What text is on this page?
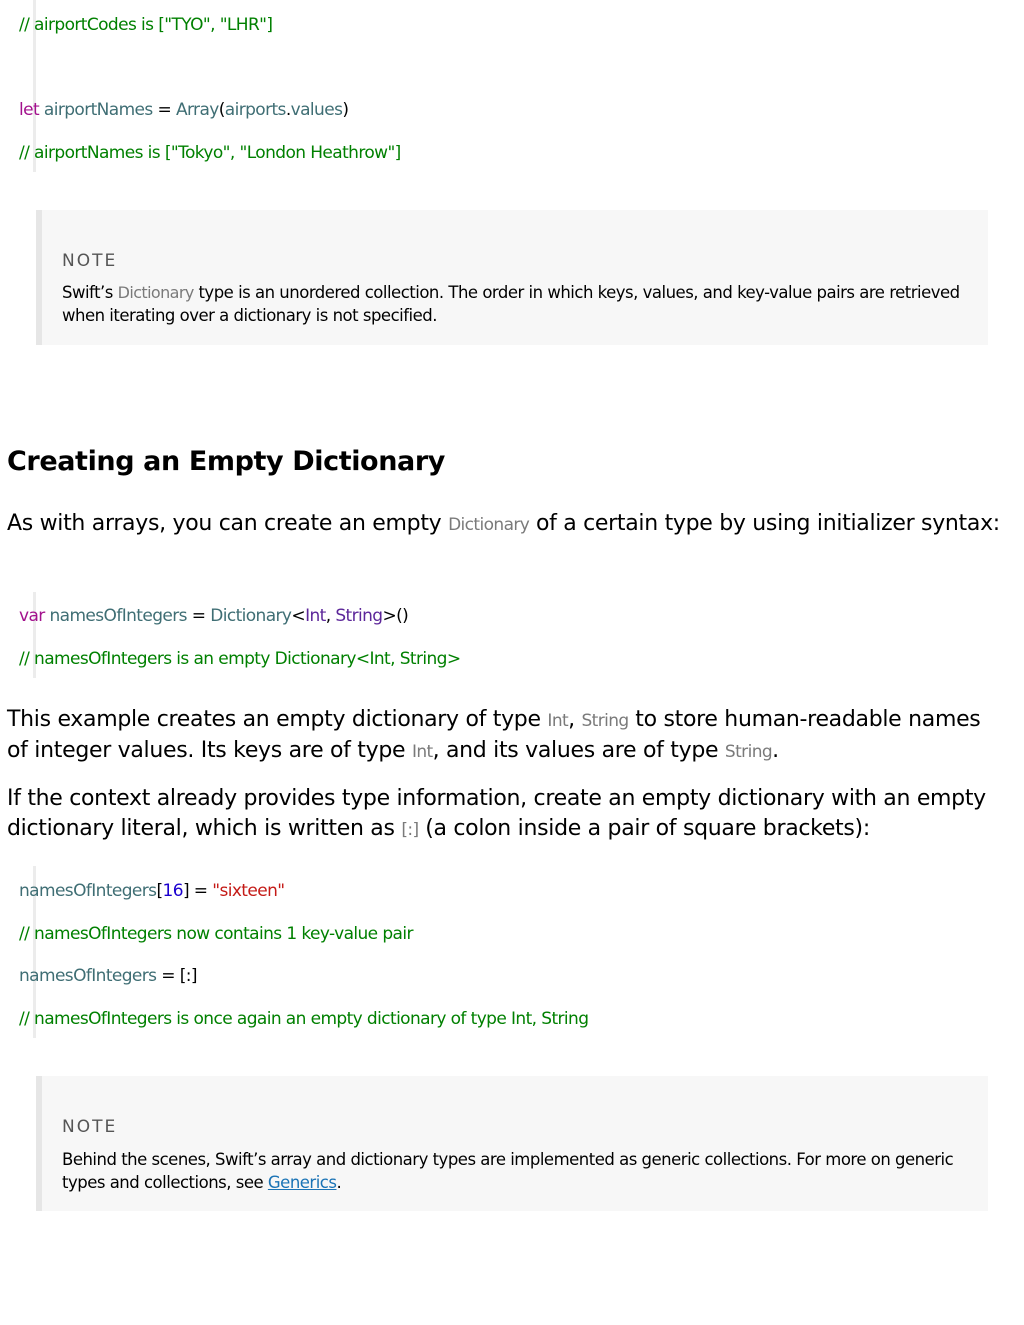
// airportCodes is ["TYO", "LHR"]
let airportNames = Array(airports.values)
// airportNames is ["Tokyo", "London Heathrow"]
NOTE
Swift’s Dictionary type is an unordered collection. The order in which keys, values, and key-value pairs are retrieved when iterating over a dictionary is not specified.
Creating an Empty Dictionary

As with arrays, you can create an empty Dictionary of a certain type by using initializer syntax:

var namesOfIntegers = Dictionary<Int, String>()
// namesOfIntegers is an empty Dictionary<Int, String>

This example creates an empty dictionary of type Int, String to store human-readable names of integer values. Its keys are of type Int, and its values are of type String.

If the context already provides type information, create an empty dictionary with an empty dictionary literal, which is written as [:] (a colon inside a pair of square brackets):

namesOfIntegers[16] = "sixteen"
// namesOfIntegers now contains 1 key-value pair
namesOfIntegers = [:]
// namesOfIntegers is once again an empty dictionary of type Int, String
NOTE
Behind the scenes, Swift’s array and dictionary types are implemented as generic collections. For more on generic types and collections, see Generics.
